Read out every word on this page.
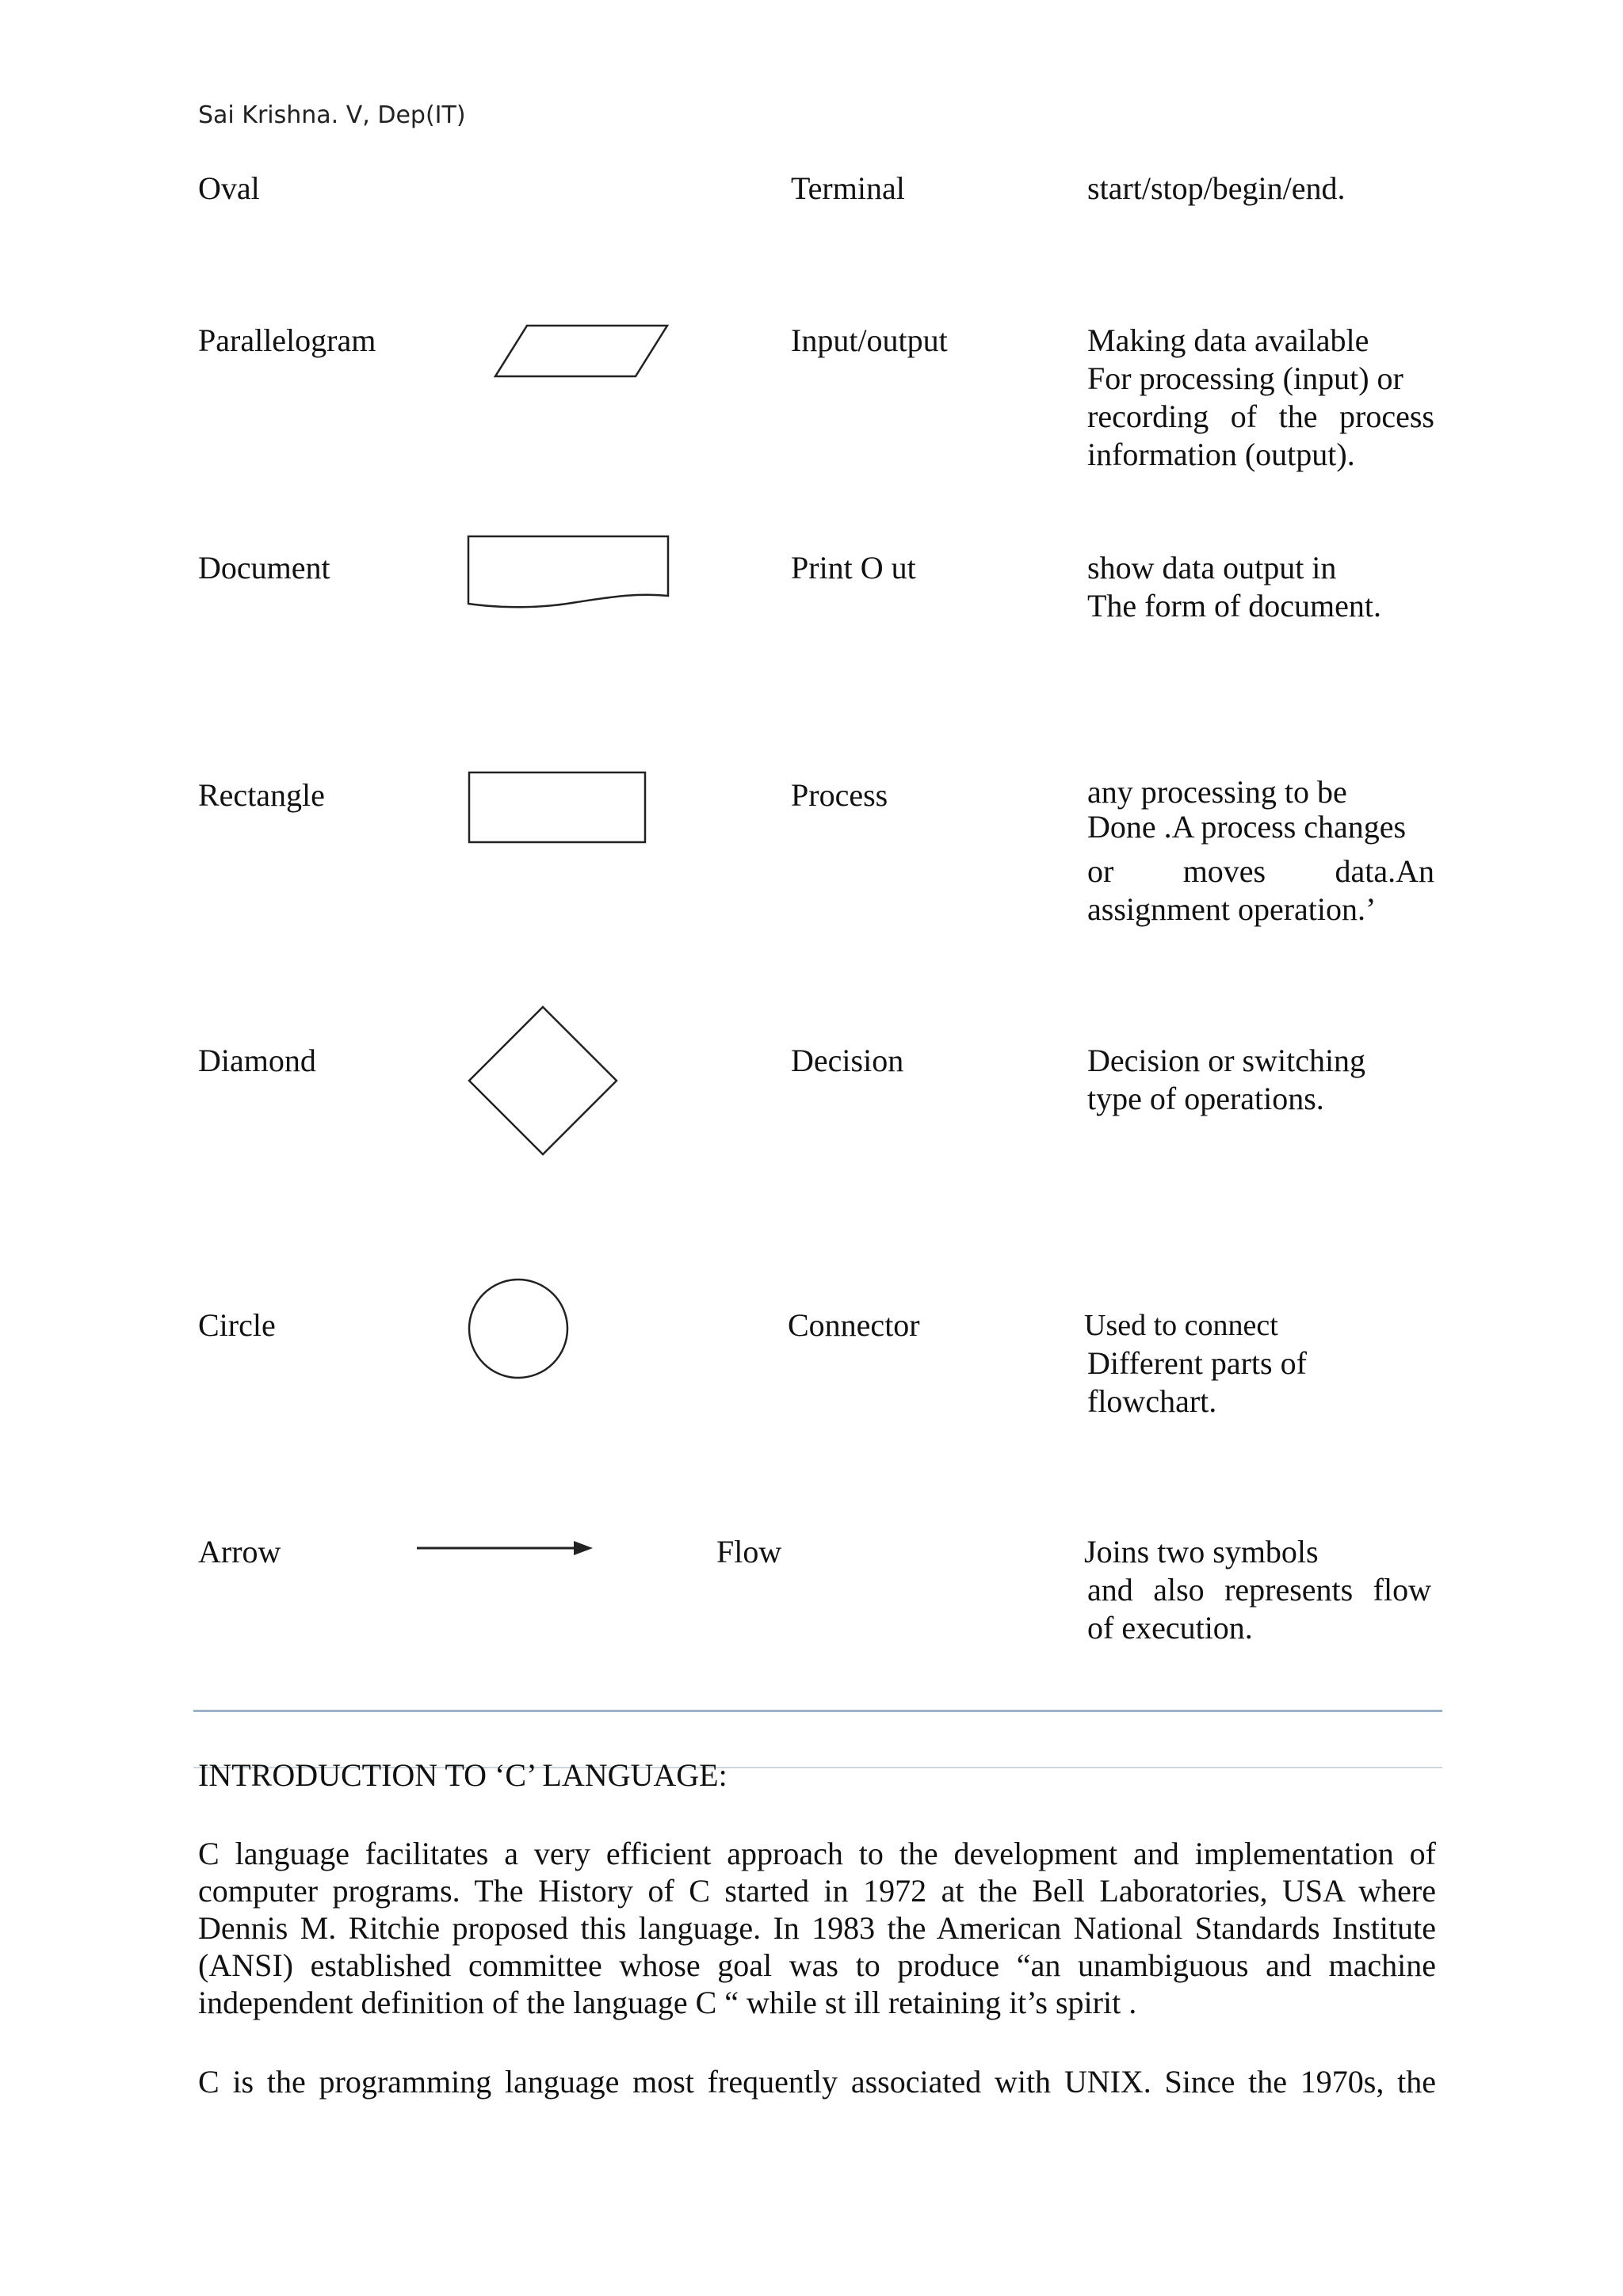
Sai Krishna. V, Dep(IT)
Oval	Terminal	start/stop/begin/end.
Parallelogram	Input/output	Making data available
For processing (input) or
recording of the process
information (output).
Document	Print O ut	show data output in
The form of document.
Rectangle	Process	any processing to be
Done .A process changes
or moves data.An
assignment operation.’
Diamond	Decision	Decision or switching
type of operations.
Circle	Connector	Used to connect
Different parts of
flowchart.
Arrow	Flow	Joins two symbols
and also represents flow
of execution.
INTRODUCTION TO ‘C’ LANGUAGE:
C language facilitates a very efficient approach to the development and implementation of
computer programs. The History of C started in 1972 at the Bell Laboratories, USA where
Dennis M. Ritchie proposed this language. In 1983 the American National Standards Institute
(ANSI) established committee whose goal was to produce “an unambiguous and machine
independent definition of the language C “ while st ill retaining it’s spirit .
C is the programming language most frequently associated with UNIX. Since the 1970s, the
